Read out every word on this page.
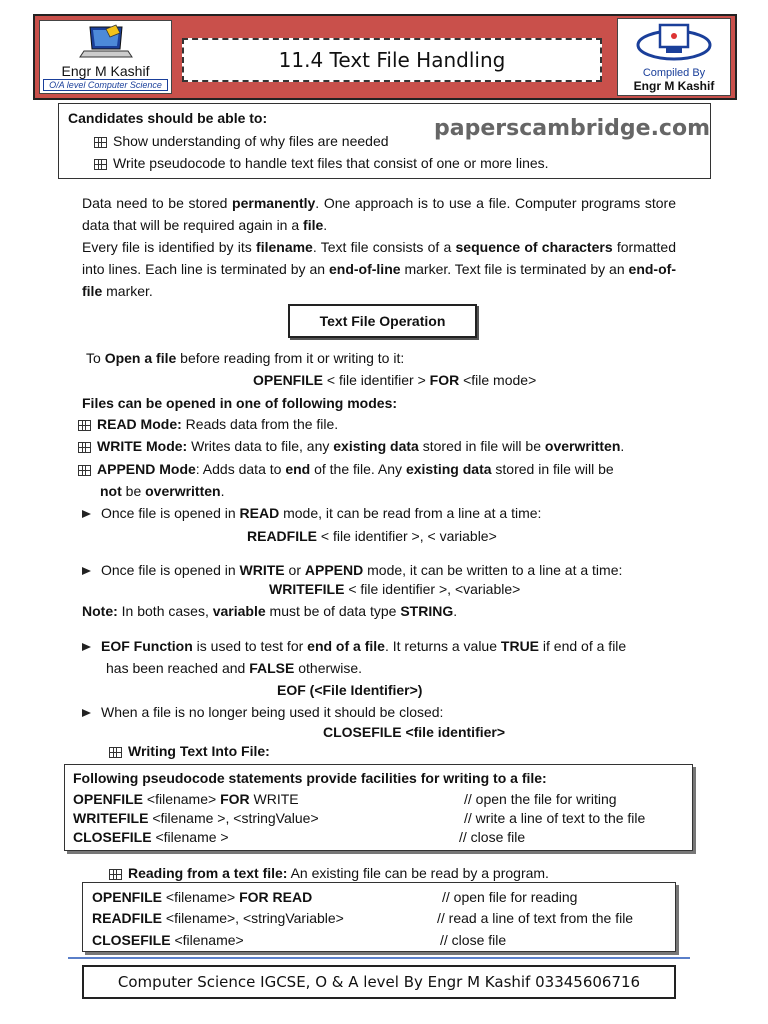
Engr M Kashif
O/A level Computer Science
11.4 Text File Handling
Compiled By
Engr M Kashif
Candidates should be able to:
Show understanding of why files are needed
Write pseudocode to handle text files that consist of one or more lines.
paperscambridge.com
Data need to be stored permanently. One approach is to use a file. Computer programs store data that will be required again in a file.
Every file is identified by its filename. Text file consists of a sequence of characters formatted into lines. Each line is terminated by an end-of-line marker. Text file is terminated by an end-of-file marker.
Text File Operation
To Open a file before reading from it or writing to it:
OPENFILE < file identifier > FOR <file mode>
Files can be opened in one of following modes:
READ Mode: Reads data from the file.
WRITE Mode: Writes data to file, any existing data stored in file will be overwritten.
APPEND Mode: Adds data to end of the file. Any existing data stored in file will be
not be overwritten.
Once file is opened in READ mode, it can be read from a line at a time:
READFILE < file identifier >, < variable>
Once file is opened in WRITE or APPEND mode, it can be written to a line at a time:
WRITEFILE < file identifier >, <variable>
Note: In both cases, variable must be of data type STRING.
EOF Function is used to test for end of a file. It returns a value TRUE if end of a file
has been reached and FALSE otherwise.
EOF (<File Identifier>)
When a file is no longer being used it should be closed:
CLOSEFILE <file identifier>
Writing Text Into File:
Following pseudocode statements provide facilities for writing to a file:
OPENFILE <filename> FOR WRITE	// open the file for writing
WRITEFILE <filename >, <stringValue>	// write a line of text to the file
CLOSEFILE <filename >	// close file
Reading from a text file: An existing file can be read by a program.
OPENFILE <filename> FOR READ	// open file for reading
READFILE <filename>, <stringVariable>	// read a line of text from the file
CLOSEFILE <filename>	// close file
Computer Science IGCSE, O & A level By Engr M Kashif 03345606716
